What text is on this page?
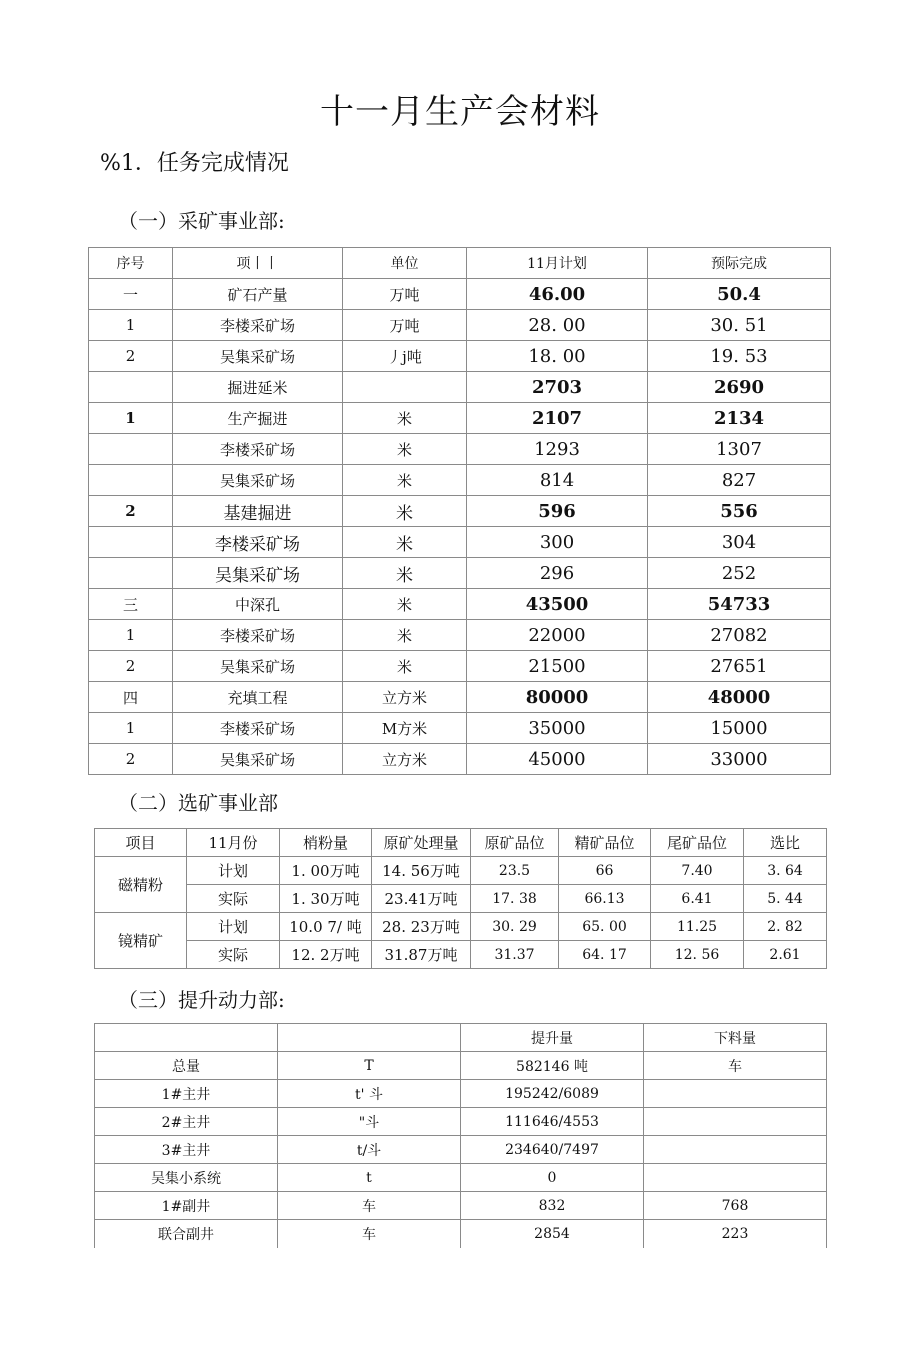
十一月生产会材料
%1．任务完成情况
（一）采矿事业部:
序号	项丨丨	单位	11月计划	预际完成
一	矿石产量	万吨	46.00	50.4
1	李楼采矿场	万吨	28. 00	30. 51
2	吴集采矿场	丿j吨	18. 00	19. 53
	掘进延米		2703	2690
1	生产掘进	米	2107	2134
	李楼采矿场	米	1293	1307
	吴集采矿场	米	814	827
2	基建掘进	米	596	556
	李楼采矿场	米	300	304
	吴集采矿场	米	296	252
三	中深孔	米	43500	54733
1	李楼采矿场	米	22000	27082
2	吴集采矿场	米	21500	27651
四	充填工程	立方米	80000	48000
1	李楼采矿场	M方米	35000	15000
2	吴集采矿场	立方米	45000	33000
（二）选矿事业部
项目	11月份	梢粉量	原矿处理量	原矿品位	精矿品位	尾矿品位	选比
磁精粉	计划	1. 00万吨	14. 56万吨	23.5	66	7.40	3. 64
	实际	1. 30万吨	23.41万吨	17. 38	66.13	6.41	5. 44
镜精矿	计划	10.0 7/ 吨	28. 23万吨	30. 29	65. 00	11.25	2. 82
	实际	12. 2万吨	31.87万吨	31.37	64. 17	12. 56	2.61
（三）提升动力部:
		提升量	下料量
总量	T	582146 吨	车
1#主井	t' 斗	195242/6089	
2#主井	"斗	111646/4553	
3#主井	t/斗	234640/7497	
吴集小系统	t	0	
1#副井	车	832	768
联合副井	车	2854	223
